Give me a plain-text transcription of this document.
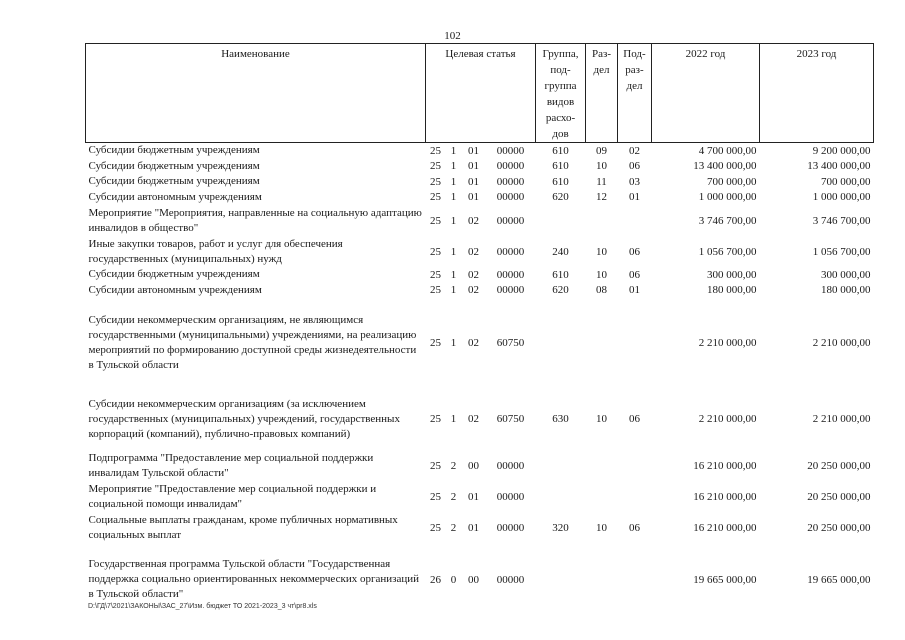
102
Наименование	Целевая статья				Группа, под-группа видов расхо-дов	Раз-дел	Под-раз-дел	2022 год	2023 год
Субсидии бюджетным учреждениям	25	1	01	00000	610	09	02	4 700 000,00	9 200 000,00
Субсидии бюджетным учреждениям	25	1	01	00000	610	10	06	13 400 000,00	13 400 000,00
Субсидии бюджетным учреждениям	25	1	01	00000	610	11	03	700 000,00	700 000,00
Субсидии автономным учреждениям	25	1	01	00000	620	12	01	1 000 000,00	1 000 000,00
Мероприятие "Мероприятия, направленные на социальную адаптацию инвалидов в общество"	25	1	02	00000				3 746 700,00	3 746 700,00
Иные закупки товаров, работ и услуг для обеспечения государственных (муниципальных) нужд	25	1	02	00000	240	10	06	1 056 700,00	1 056 700,00
Субсидии бюджетным учреждениям	25	1	02	00000	610	10	06	300 000,00	300 000,00
Субсидии автономным учреждениям	25	1	02	00000	620	08	01	180 000,00	180 000,00
Субсидии некоммерческим организациям, не являющимся государственными (муниципальными) учреждениями, на реализацию мероприятий по формированию доступной среды жизнедеятельности в Тульской области	25	1	02	60750				2 210 000,00	2 210 000,00
Субсидии некоммерческим организациям (за исключением государственных (муниципальных) учреждений, государственных корпораций (компаний), публично-правовых компаний)	25	1	02	60750	630	10	06	2 210 000,00	2 210 000,00
Подпрограмма "Предоставление мер социальной поддержки инвалидам Тульской области"	25	2	00	00000				16 210 000,00	20 250 000,00
Мероприятие "Предоставление мер социальной поддержки и социальной помощи инвалидам"	25	2	01	00000				16 210 000,00	20 250 000,00
Социальные выплаты гражданам, кроме публичных нормативных социальных выплат	25	2	01	00000	320	10	06	16 210 000,00	20 250 000,00
Государственная программа Тульской области "Государственная поддержка социально ориентированных некоммерческих организаций в Тульской области"	26	0	00	00000				19 665 000,00	19 665 000,00
D:\ГД\7\2021\ЗАКОНЫ\ЗАС_27\Изм. бюджет ТО 2021-2023_3 чт\pr8.xls
